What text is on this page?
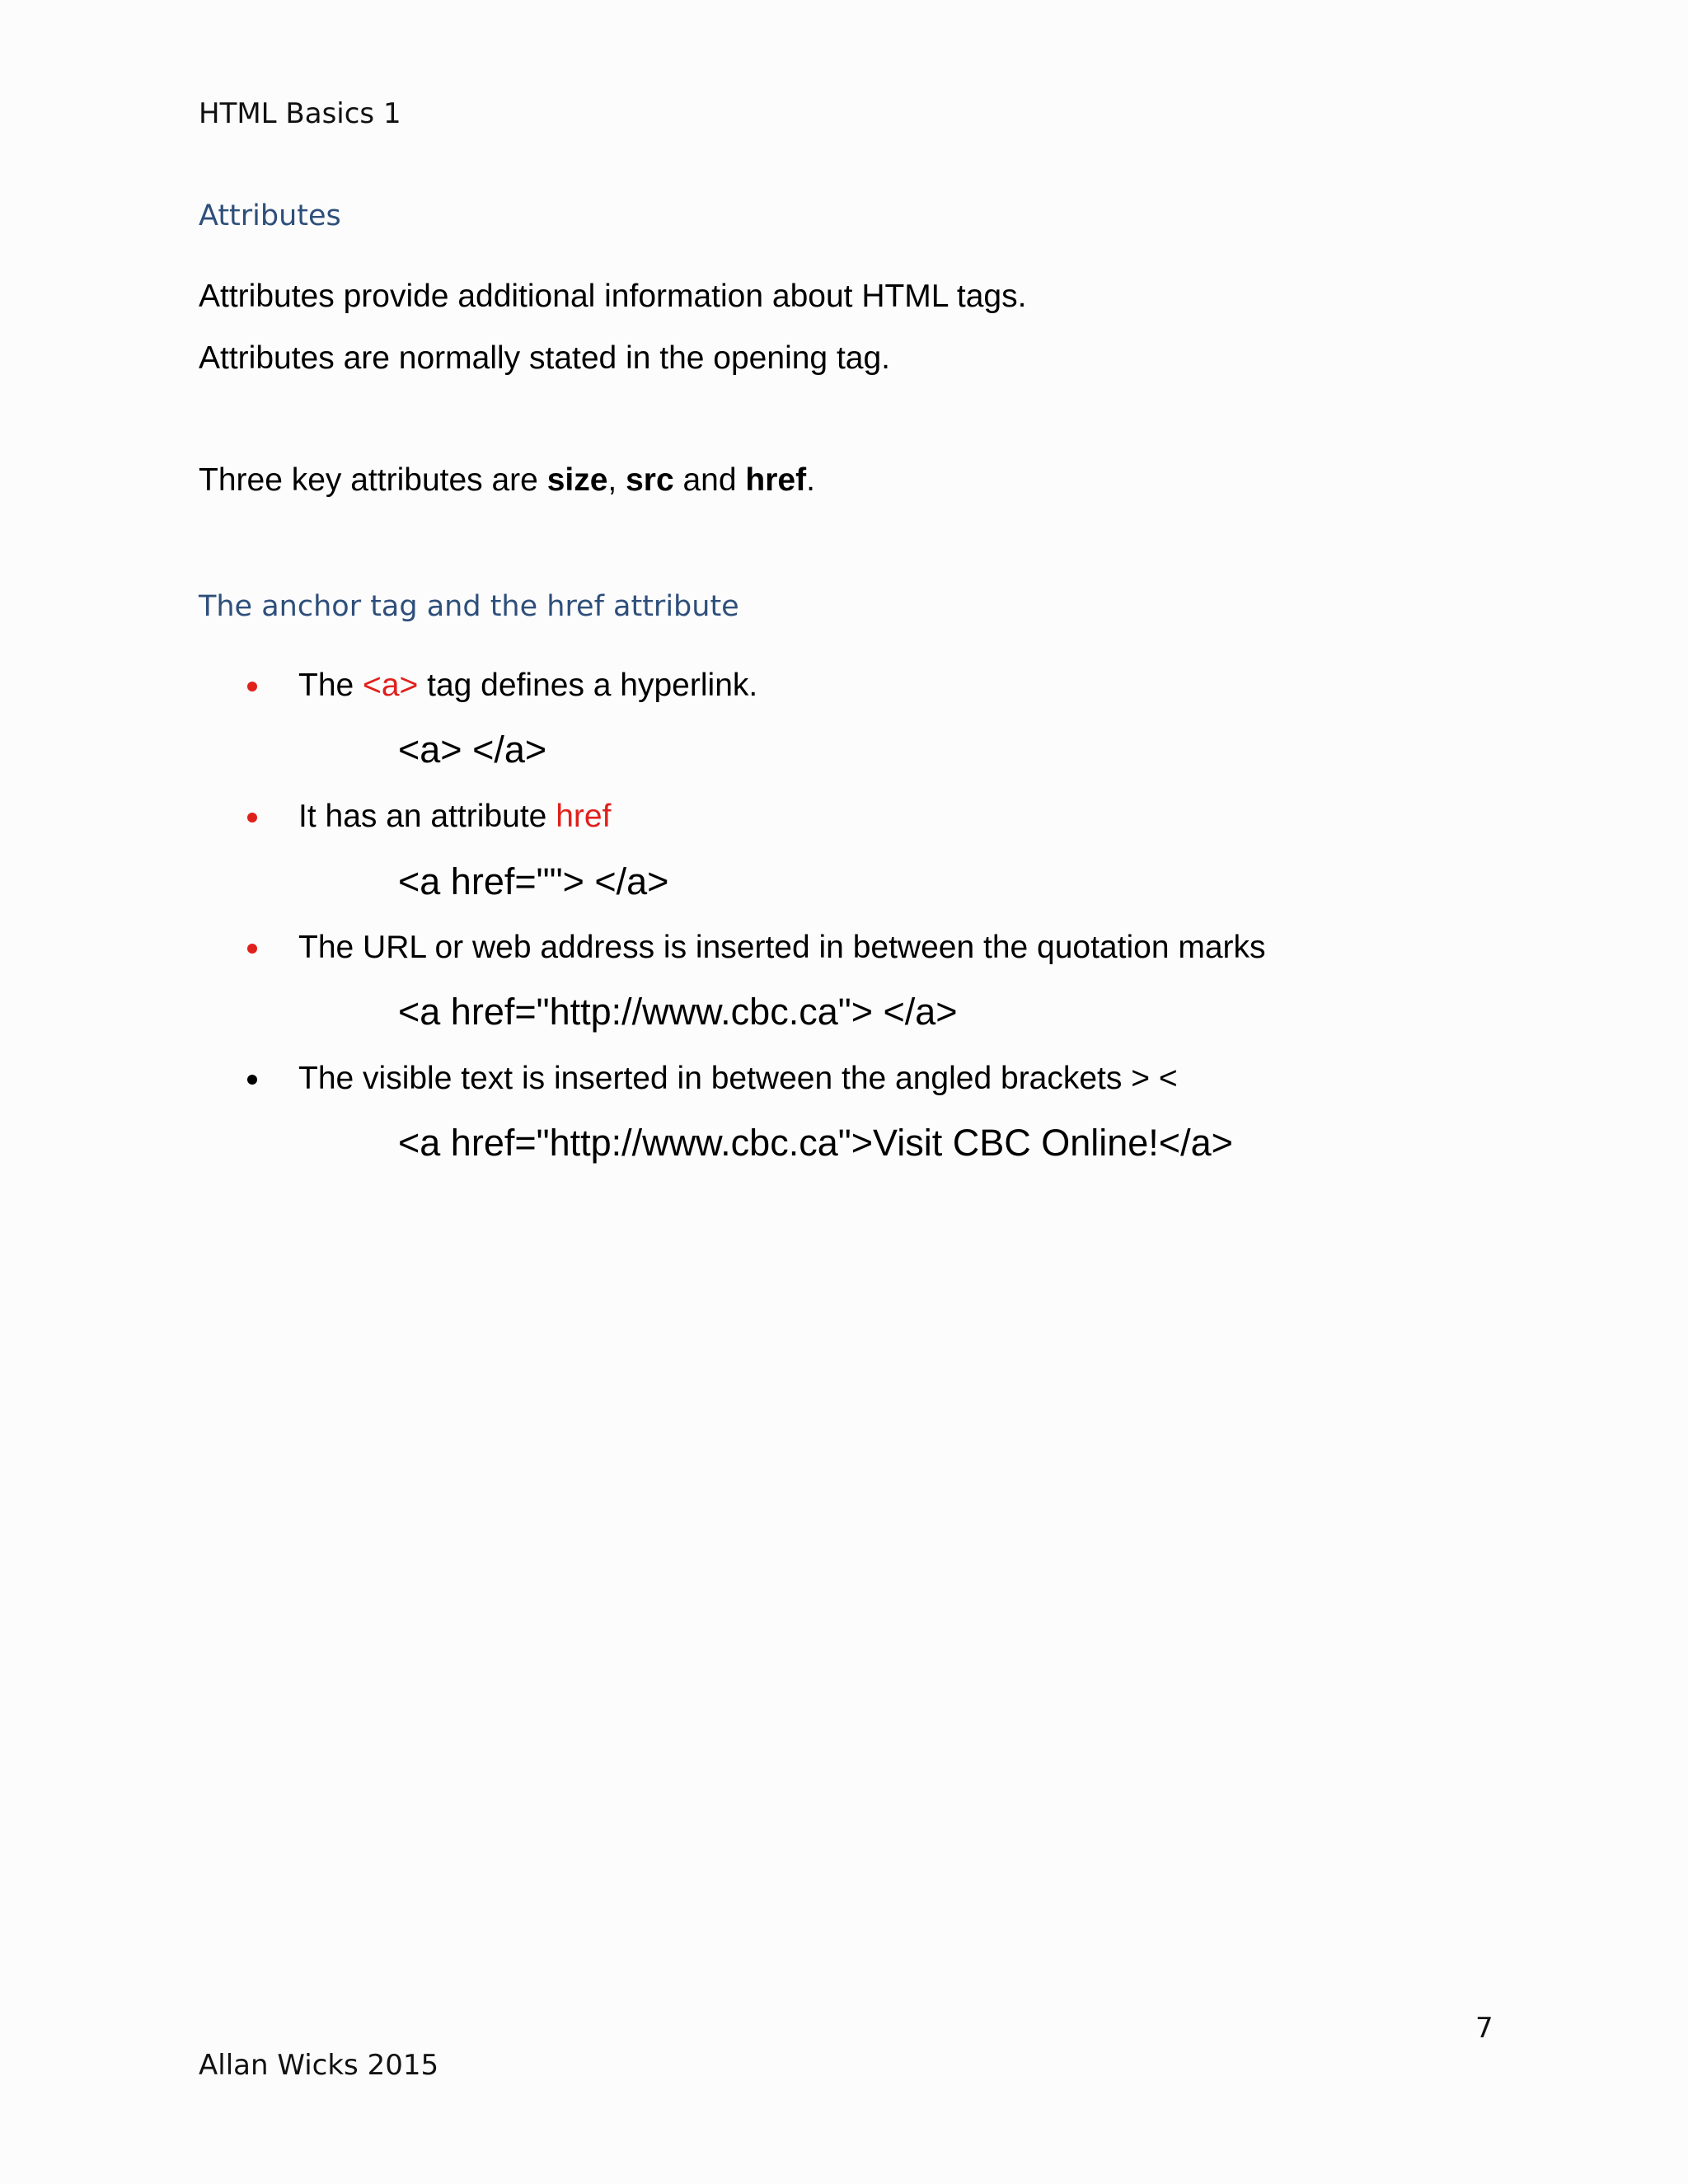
HTML Basics 1
Attributes
Attributes provide additional information about HTML tags.
Attributes are normally stated in the opening tag.
Three key attributes are size, src and href.
The anchor tag and the href attribute
The <a> tag defines a hyperlink.
<a> </a>
It has an attribute href
<a href=""> </a>
The URL or web address is inserted in between the quotation marks
<a href="http://www.cbc.ca"> </a>
The visible text is inserted in between the angled brackets > <
<a href="http://www.cbc.ca">Visit CBC Online!</a>
7
Allan Wicks 2015
